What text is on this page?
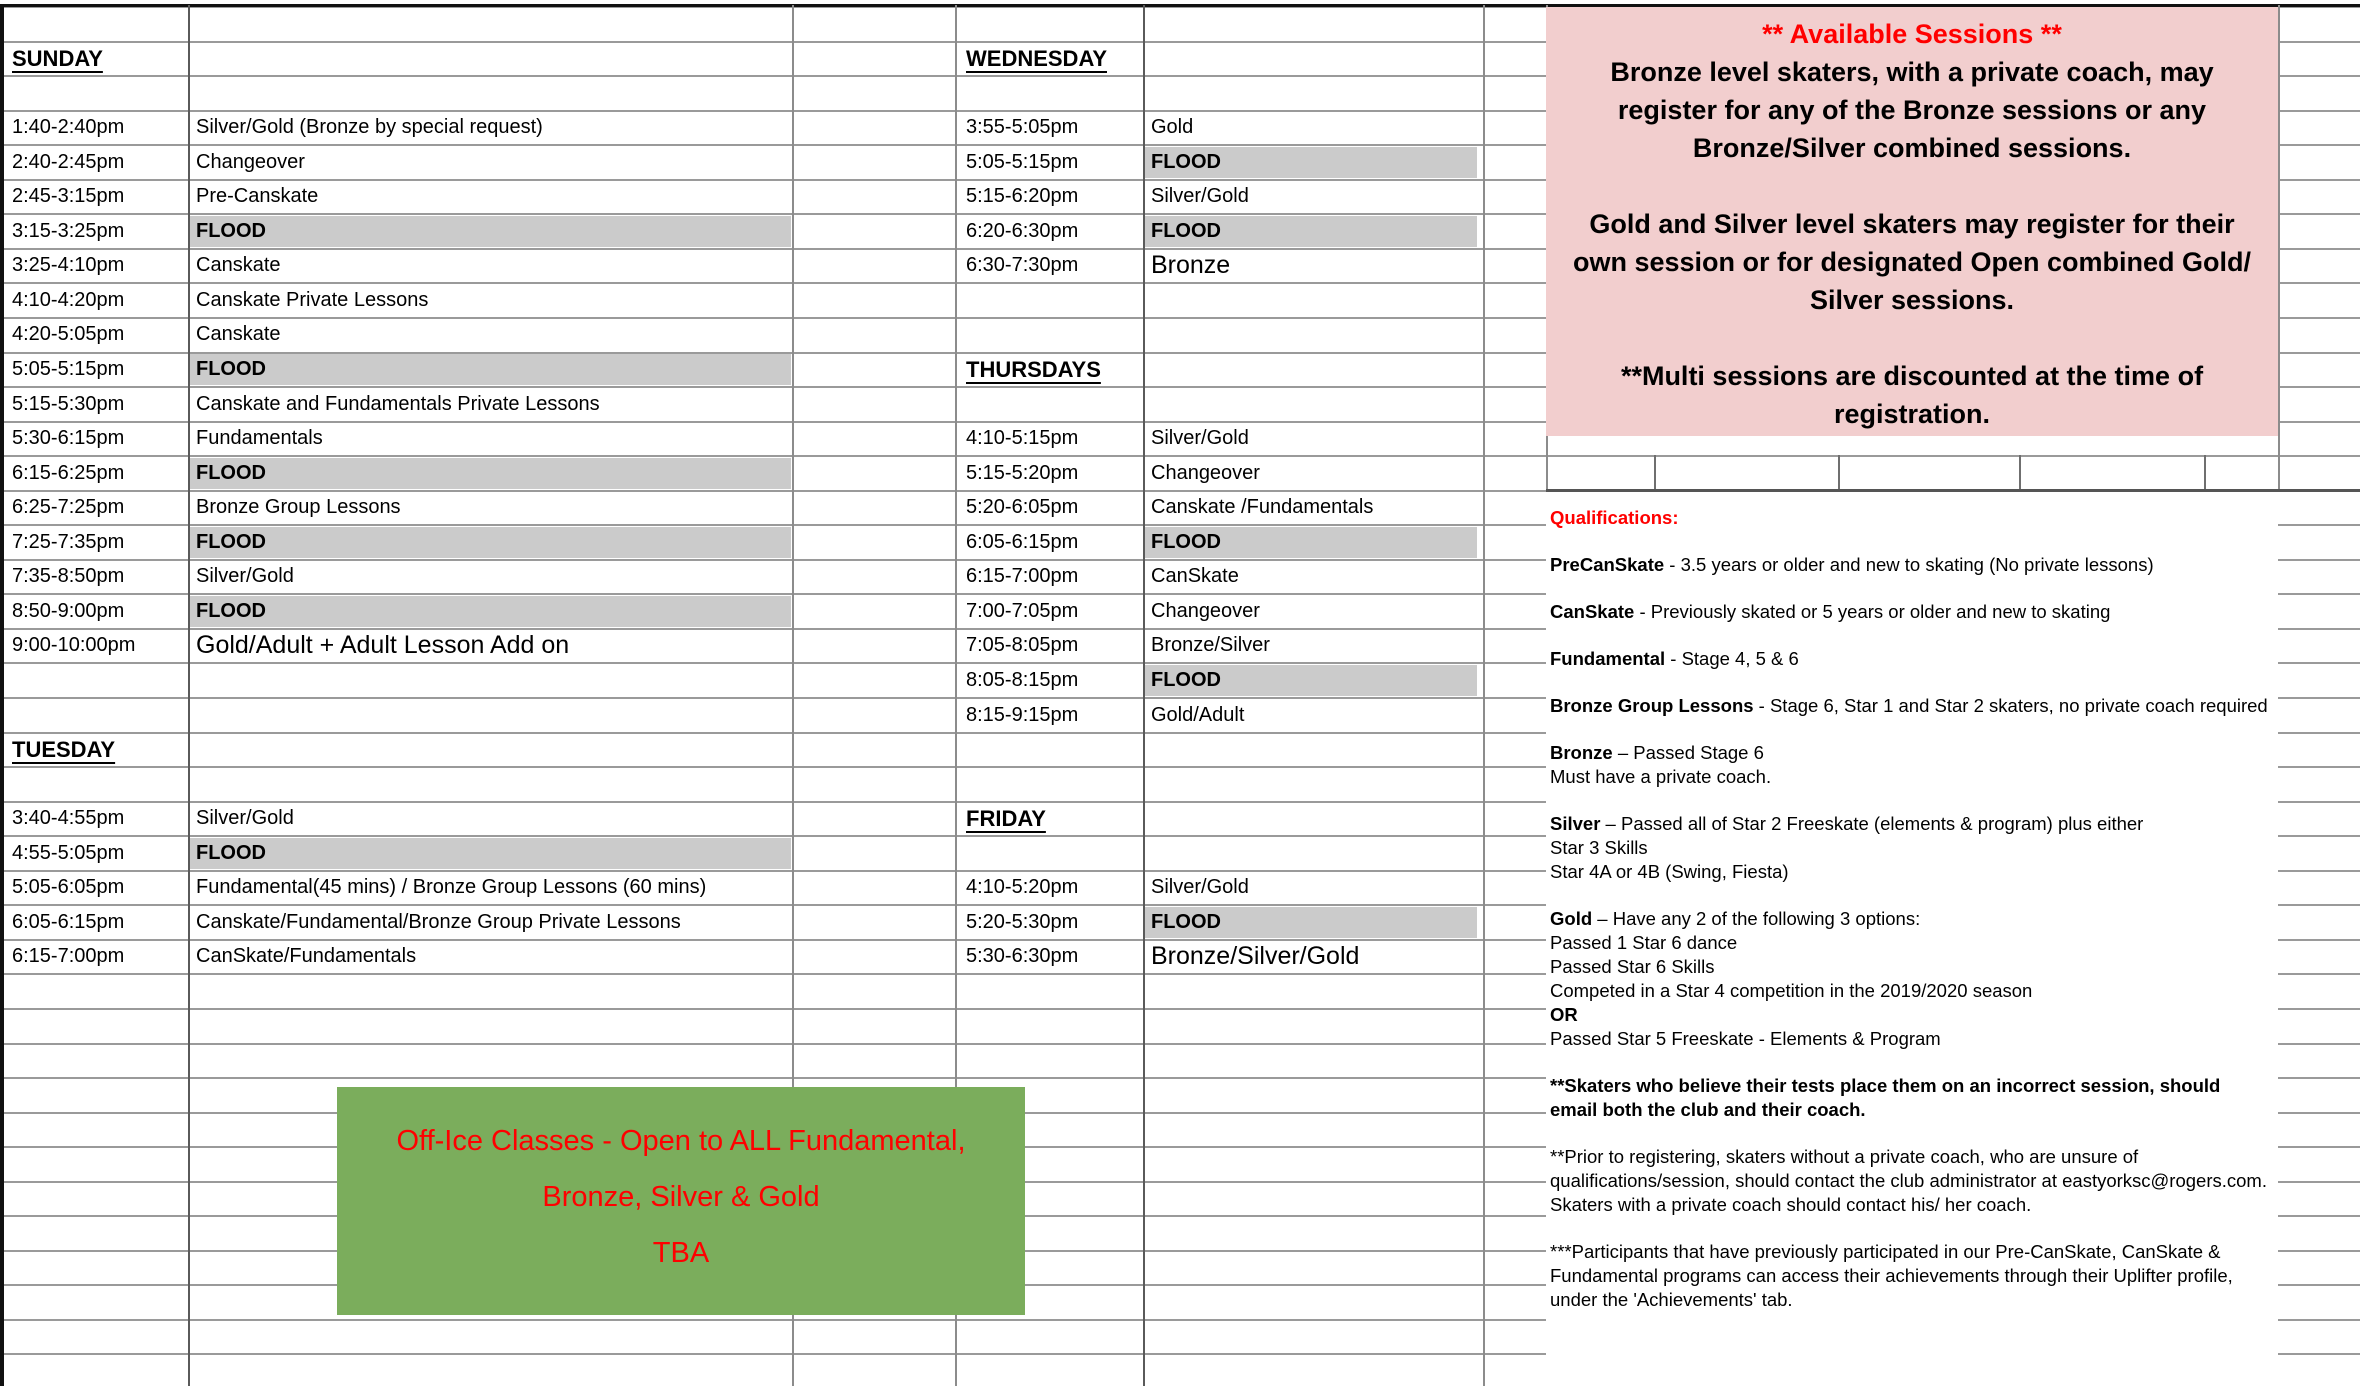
SUNDAY
1:40-2:40pm	Silver/Gold (Bronze by special request)
2:40-2:45pm	Changeover
2:45-3:15pm	Pre-Canskate
3:15-3:25pm	FLOOD
3:25-4:10pm	Canskate
4:10-4:20pm	Canskate Private Lessons
4:20-5:05pm	Canskate
5:05-5:15pm	FLOOD
5:15-5:30pm	Canskate and Fundamentals Private Lessons
5:30-6:15pm	Fundamentals
6:15-6:25pm	FLOOD
6:25-7:25pm	Bronze Group Lessons
7:25-7:35pm	FLOOD
7:35-8:50pm	Silver/Gold
8:50-9:00pm	FLOOD
9:00-10:00pm Gold/Adult + Adult Lesson Add on
TUESDAY
3:40-4:55pm	Silver/Gold
4:55-5:05pm	FLOOD
5:05-6:05pm	Fundamental(45 mins) / Bronze Group Lessons (60 mins)
6:05-6:15pm	Canskate/Fundamental/Bronze Group Private Lessons
6:15-7:00pm	CanSkate/Fundamentals
WEDNESDAY
3:55-5:05pm	Gold
5:05-5:15pm	FLOOD
5:15-6:20pm	Silver/Gold
6:20-6:30pm	FLOOD
6:30-7:30pm	Bronze
THURSDAYS
4:10-5:15pm	Silver/Gold
5:15-5:20pm	Changeover
5:20-6:05pm	Canskate /Fundamentals
6:05-6:15pm	FLOOD
6:15-7:00pm	CanSkate
7:00-7:05pm	Changeover
7:05-8:05pm	Bronze/Silver
8:05-8:15pm	FLOOD
8:15-9:15pm	Gold/Adult
FRIDAY
4:10-5:20pm	Silver/Gold
5:20-5:30pm	FLOOD
5:30-6:30pm	Bronze/Silver/Gold
** Available Sessions **

Bronze level skaters, with a private coach, may register for any of the Bronze sessions or any Bronze/Silver combined sessions.

Gold and Silver level skaters may register for their own session or for designated Open combined Gold/ Silver sessions.

**Multi sessions are discounted at the time of registration.

Qualifications:
PreCanSkate - 3.5 years or older and new to skating (No private lessons)
CanSkate - Previously skated or 5 years or older and new to skating
Fundamental - Stage 4, 5 & 6
Bronze Group Lessons - Stage 6, Star 1 and Star 2 skaters, no private coach required
Bronze – Passed Stage 6
Must have a private coach.
Silver – Passed all of Star 2 Freeskate (elements & program) plus either
Star 3 Skills
Star 4A or 4B (Swing, Fiesta)
Gold – Have any 2 of the following 3 options:
Passed 1 Star 6 dance
Passed Star 6 Skills
Competed in a Star 4 competition in the 2019/2020 season
OR
Passed Star 5 Freeskate - Elements & Program
**Skaters who believe their tests place them on an incorrect session, should email both the club and their coach.
**Prior to registering, skaters without a private coach, who are unsure of qualifications/session, should contact the club administrator at eastyorksc@rogers.com. Skaters with a private coach should contact his/ her coach.
***Participants that have previously participated in our Pre-CanSkate, CanSkate & Fundamental programs can access their achievements through their Uplifter profile, under the 'Achievements' tab.
Off-Ice Classes - Open to ALL Fundamental,
Bronze, Silver & Gold
TBA
